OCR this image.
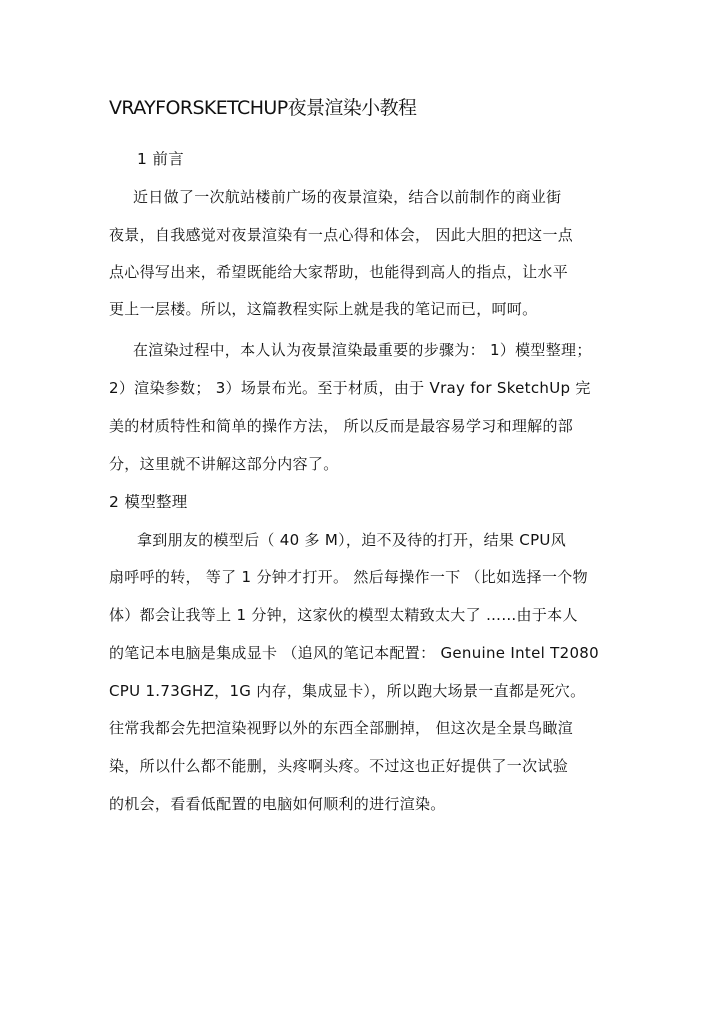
VRAYFORSKETCHUP夜景渲染小教程
1 前言
近日做了一次航站楼前广场的夜景渲染，结合以前制作的商业街
夜景，自我感觉对夜景渲染有一点心得和体会， 因此大胆的把这一点
点心得写出来，希望既能给大家帮助，也能得到高人的指点，让水平
更上一层楼。所以，这篇教程实际上就是我的笔记而已，呵呵。
在渲染过程中，本人认为夜景渲染最重要的步骤为： 1）模型整理；
2）渲染参数； 3）场景布光。至于材质，由于 Vray for SketchUp 完
美的材质特性和简单的操作方法， 所以反而是最容易学习和理解的部
分，这里就不讲解这部分内容了。
2 模型整理
拿到朋友的模型后（ 40 多 M），迫不及待的打开，结果 CPU风
扇呼呼的转， 等了 1 分钟才打开。 然后每操作一下 （比如选择一个物
体）都会让我等上 1 分钟，这家伙的模型太精致太大了 ……由于本人
的笔记本电脑是集成显卡 （追风的笔记本配置： Genuine Intel T2080
CPU 1.73GHZ，1G 内存，集成显卡），所以跑大场景一直都是死穴。
往常我都会先把渲染视野以外的东西全部删掉， 但这次是全景鸟瞰渲
染，所以什么都不能删，头疼啊头疼。不过这也正好提供了一次试验
的机会，看看低配置的电脑如何顺利的进行渲染。
